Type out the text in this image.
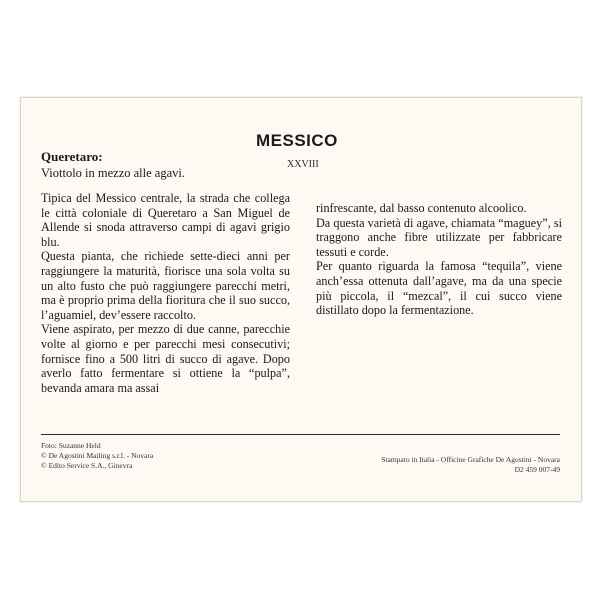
MESSICO
XXVIII
Queretaro:
Viottolo in mezzo alle agavi.

Tipica del Messico centrale, la strada che collega le città coloniale di Queretaro a San Miguel de Allende si snoda attraverso campi di agavi grigio blu.

Questa pianta, che richiede sette-dieci anni per raggiungere la maturità, fiorisce una sola volta su un alto fusto che può raggiungere parecchi metri, ma è proprio prima della fioritura che il suo succo, l’aguamiel, dev’essere raccolto.

Viene aspirato, per mezzo di due canne, parecchie volte al giorno e per parecchi mesi consecutivi; fornisce fino a 500 litri di succo di agave. Dopo averlo fatto fermentare si ottiene la “pulpa”, bevanda amara ma assai

rinfrescante, dal basso contenuto alcoolico.

Da questa varietà di agave, chiamata “maguey”, si traggono anche fibre utilizzate per fabbricare tessuti e corde.

Per quanto riguarda la famosa “tequila”, viene anch’essa ottenuta dall’agave, ma da una specie più piccola, il “mezcal”, il cui succo viene distillato dopo la fermentazione.

Foto: Suzanne Held
© De Agostini Mailing s.r.l. - Novara
© Edito Service S.A., Ginevra
Stampato in Italia - Officine Grafiche De Agostini - Novara
D2 459 007-49
